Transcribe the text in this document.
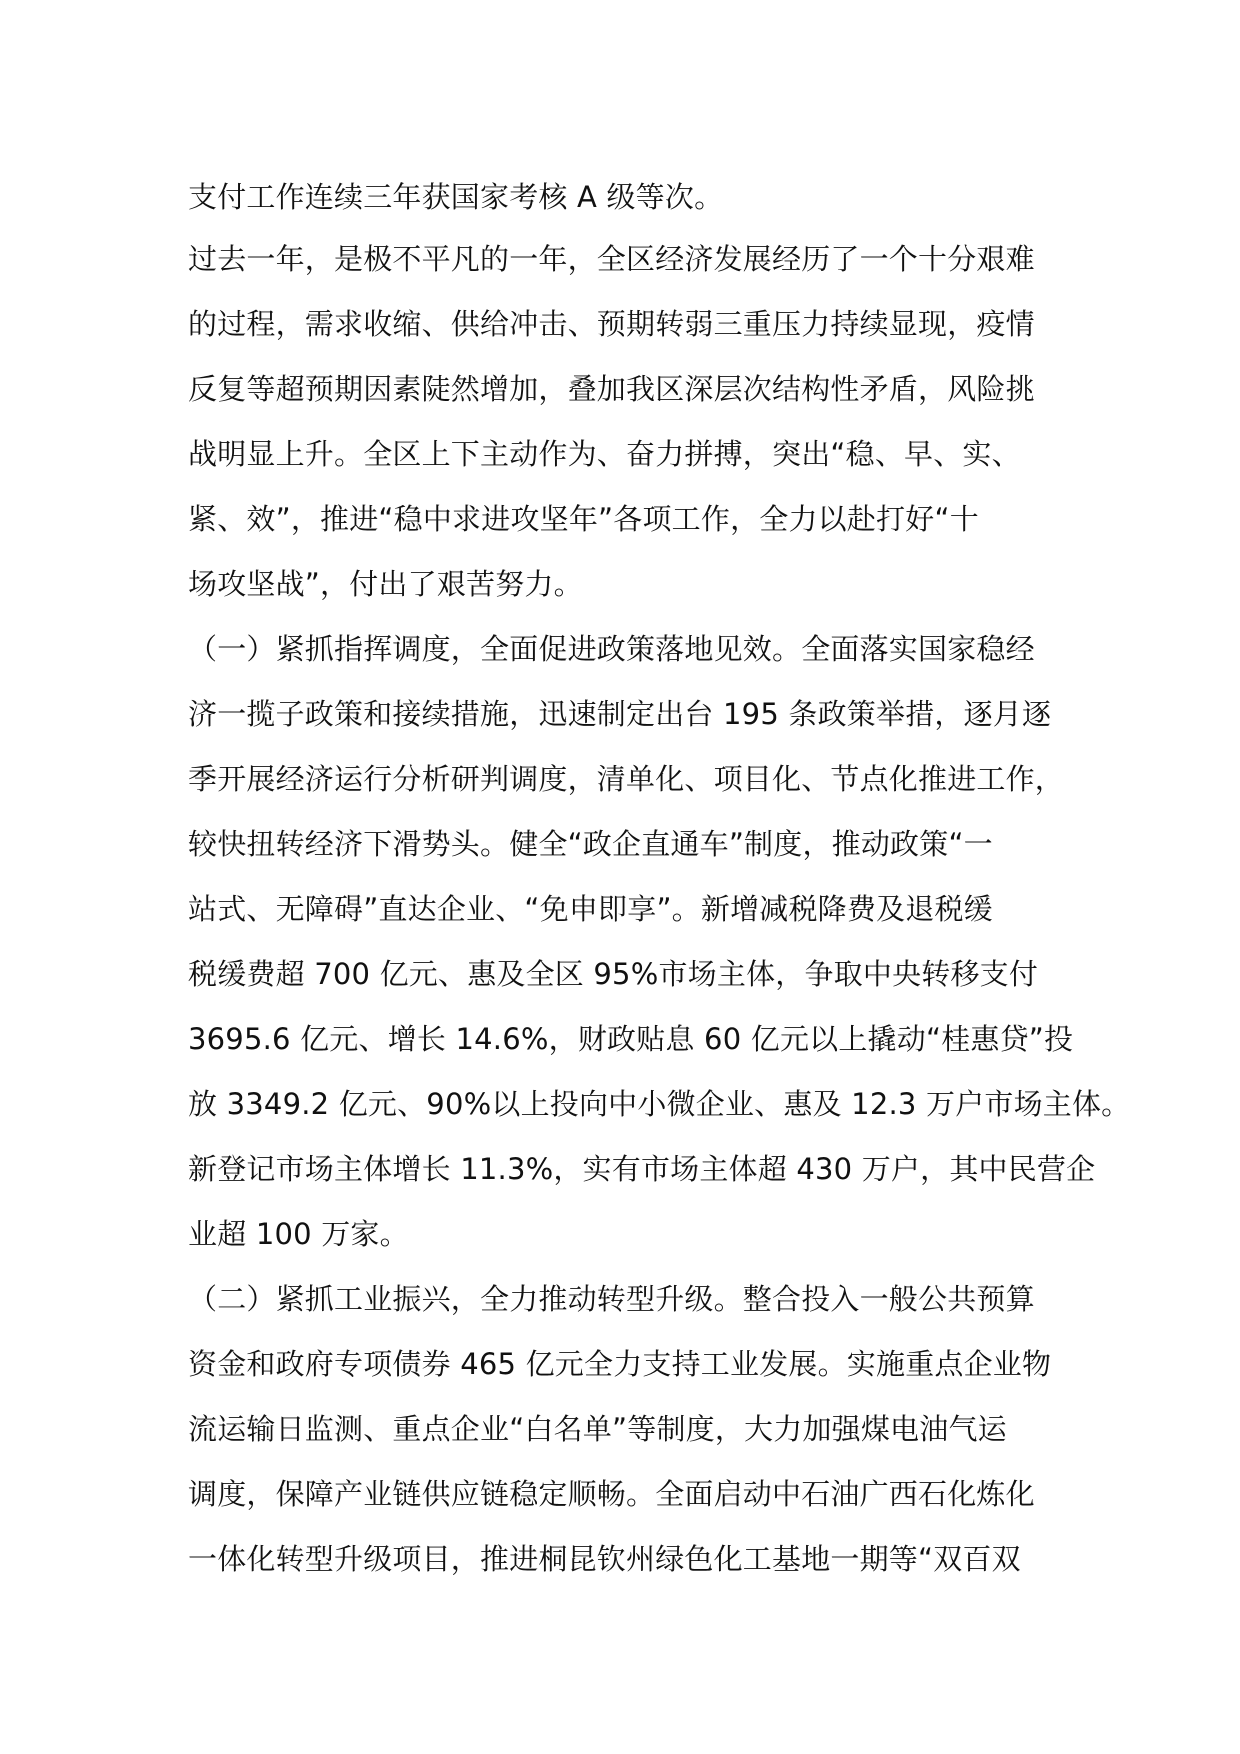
支付工作连续三年获国家考核 A 级等次。
过去一年，是极不平凡的一年，全区经济发展经历了一个十分艰难
的过程，需求收缩、供给冲击、预期转弱三重压力持续显现，疫情
反复等超预期因素陡然增加，叠加我区深层次结构性矛盾，风险挑
战明显上升。全区上下主动作为、奋力拼搏，突出“稳、早、实、
紧、效”，推进“稳中求进攻坚年”各项工作，全力以赴打好“十
场攻坚战”，付出了艰苦努力。
（一）紧抓指挥调度，全面促进政策落地见效。全面落实国家稳经
济一揽子政策和接续措施，迅速制定出台 195 条政策举措，逐月逐
季开展经济运行分析研判调度，清单化、项目化、节点化推进工作，
较快扭转经济下滑势头。健全“政企直通车”制度，推动政策“一
站式、无障碍”直达企业、“免申即享”。新增减税降费及退税缓
税缓费超 700 亿元、惠及全区 95%市场主体，争取中央转移支付
3695.6 亿元、增长 14.6%，财政贴息 60 亿元以上撬动“桂惠贷”投
放 3349.2 亿元、90%以上投向中小微企业、惠及 12.3 万户市场主体。
新登记市场主体增长 11.3%，实有市场主体超 430 万户，其中民营企
业超 100 万家。
（二）紧抓工业振兴，全力推动转型升级。整合投入一般公共预算
资金和政府专项债券 465 亿元全力支持工业发展。实施重点企业物
流运输日监测、重点企业“白名单”等制度，大力加强煤电油气运
调度，保障产业链供应链稳定顺畅。全面启动中石油广西石化炼化
一体化转型升级项目，推进桐昆钦州绿色化工基地一期等“双百双
